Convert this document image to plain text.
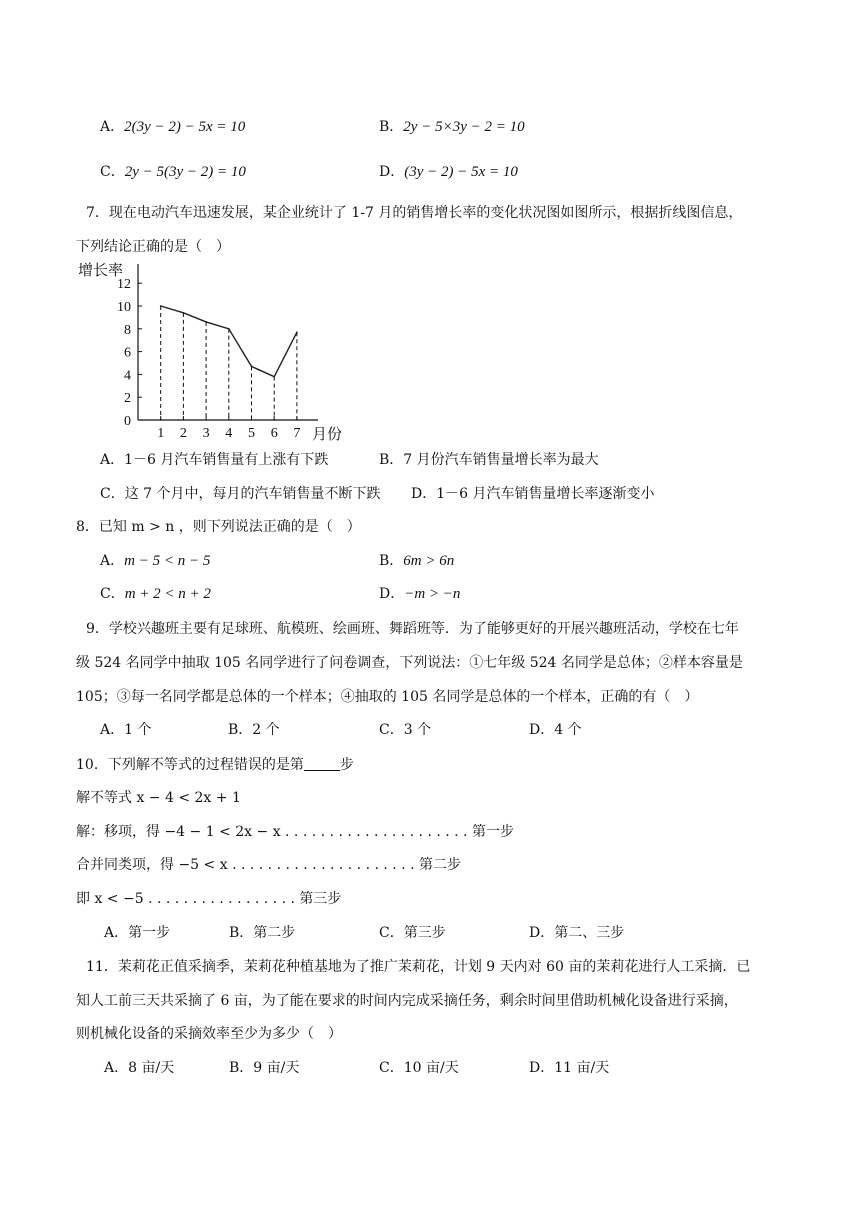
A．2(3y − 2) − 5x = 10	B．2y − 5×3y − 2 = 10
C．2y − 5(3y − 2) = 10	D．(3y − 2) − 5x = 10
7．现在电动汽车迅速发展，某企业统计了 1-7 月的销售增长率的变化状况图如图所示，根据折线图信息，
下列结论正确的是（　）
增长率
月份
0
2
4
6
8
10
12
1 2 3 4 5 6 7
A．1－6 月汽车销售量有上涨有下跌	B．7 月份汽车销售量增长率为最大
C．这 7 个月中，每月的汽车销售量不断下跌 D．1－6 月汽车销售量增长率逐渐变小
8．已知 m > n ，则下列说法正确的是（　）
A．m − 5 < n − 5	B．6m > 6n
C．m + 2 < n + 2	D．−m > −n
9．学校兴趣班主要有足球班、航模班、绘画班、舞蹈班等．为了能够更好的开展兴趣班活动，学校在七年
级 524 名同学中抽取 105 名同学进行了问卷调查，下列说法：①七年级 524 名同学是总体；②样本容量是
105；③每一名同学都是总体的一个样本；④抽取的 105 名同学是总体的一个样本，正确的有（　）
A．1 个	B．2 个	C．3 个	D．4 个
10．下列解不等式的过程错误的是第	步
解不等式 x − 4 < 2x + 1
解：移项，得 −4 − 1 < 2x − x . . . . . . . . . . . . . . . . . . . . . 第一步
合并同类项，得 −5 < x . . . . . . . . . . . . . . . . . . . . . 第二步
即 x < −5 . . . . . . . . . . . . . . . . . 第三步
A．第一步	B．第二步	C．第三步	D．第二、三步
11．茉莉花正值采摘季，茉莉花种植基地为了推广茉莉花，计划 9 天内对 60 亩的茉莉花进行人工采摘．已
知人工前三天共采摘了 6 亩，为了能在要求的时间内完成采摘任务，剩余时间里借助机械化设备进行采摘，
则机械化设备的采摘效率至少为多少（　）
A．8 亩/天	B．9 亩/天	C．10 亩/天	D．11 亩/天
